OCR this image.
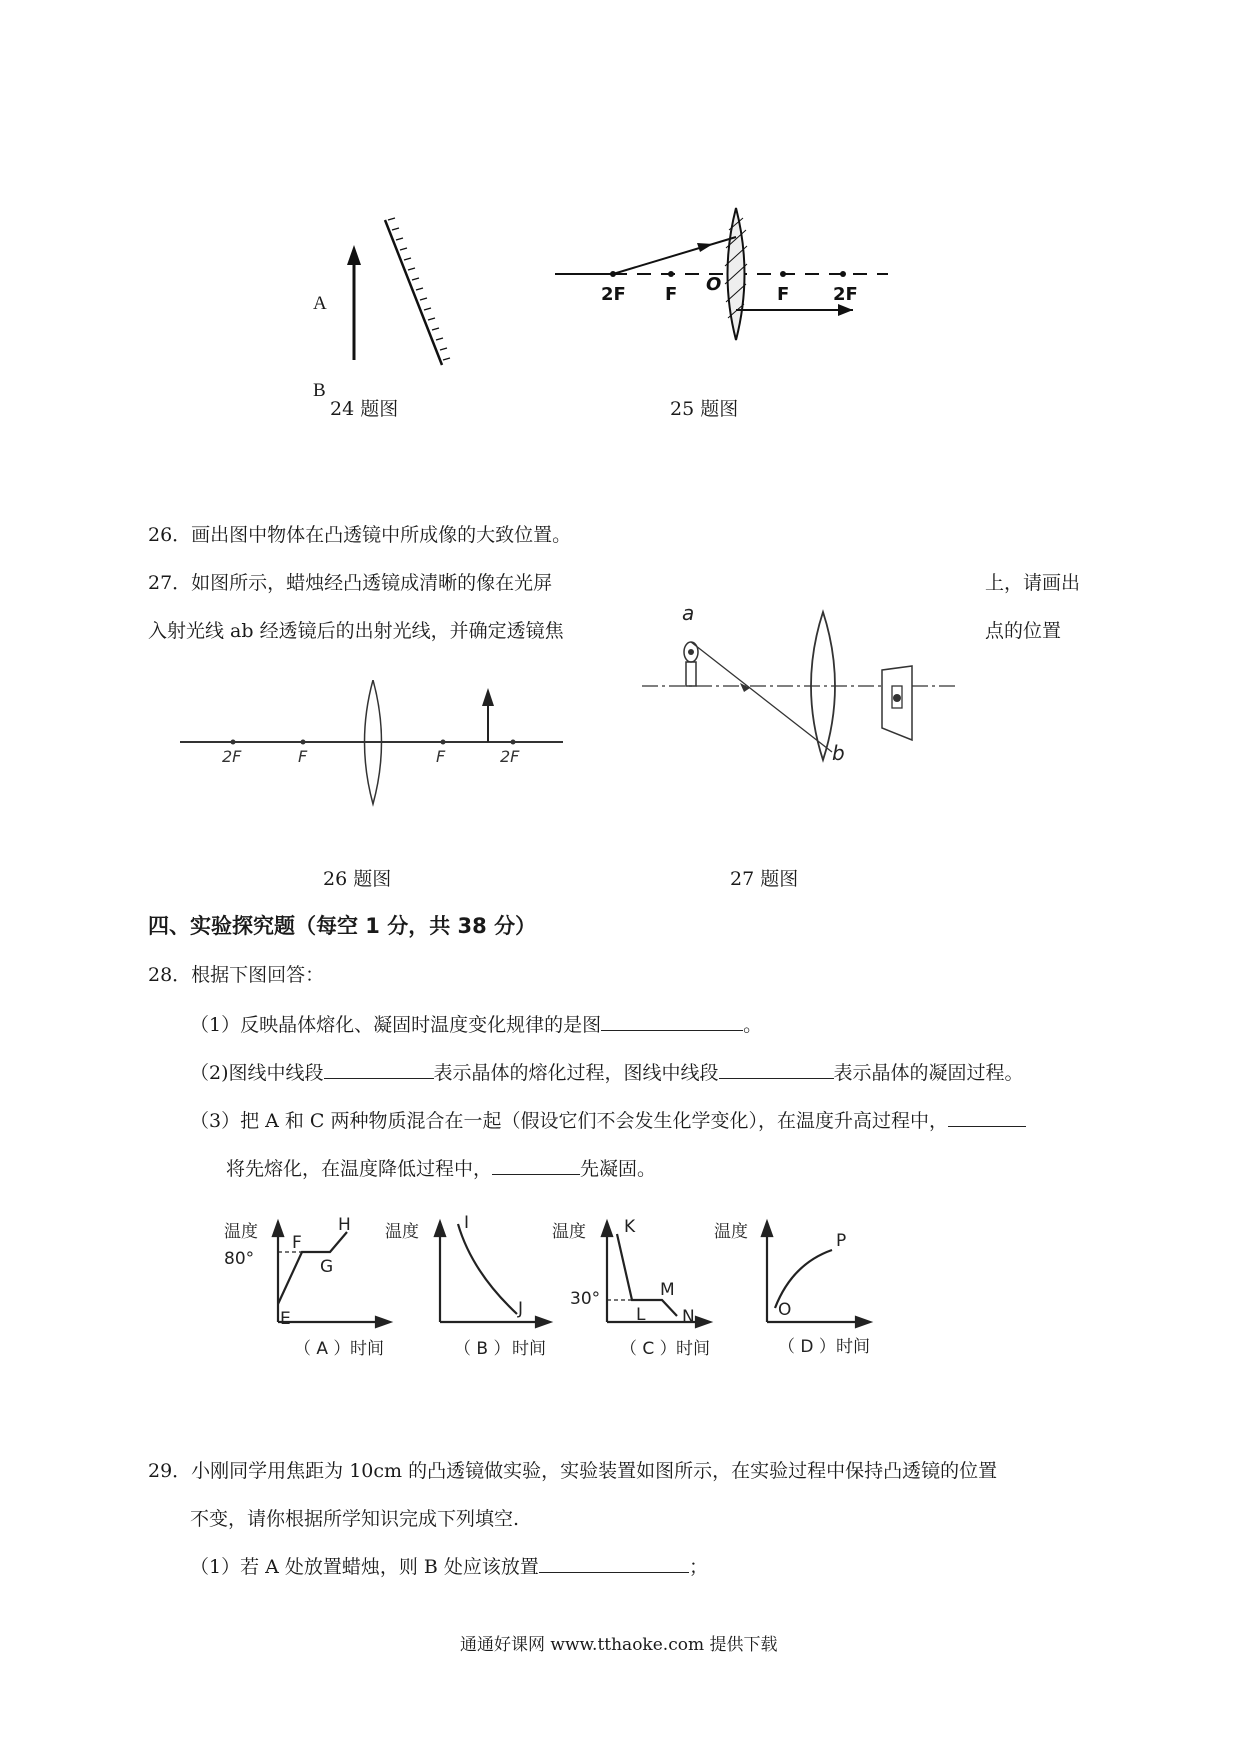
A
B
24 题图
2F F O	F 2F
25 题图
26．画出图中物体在凸透镜中所成像的大致位置。
27．如图所示，蜡烛经凸透镜成清晰的像在光屏	上，请画出
入射光线 ab 经透镜后的出射光线，并确定透镜焦	点的位置
2F	F	F	2F
26 题图
a
b
27 题图
四、实验探究题（每空 1 分，共 38 分）
28．根据下图回答：
（1）反映晶体熔化、凝固时温度变化规律的是图	。
（2)图线中线段	表示晶体的熔化过程，图线中线段	表示晶体的凝固过程。
（3）把 A 和 C 两种物质混合在一起（假设它们不会发生化学变化），在温度升高过程中，
将先熔化，在温度降低过程中，	先凝固。
温度
80°
E
F
G
H
（ A ） 时间
温度	I
J
（ B ） 时间
温度
30°
K
L
M
N
（ C ） 时间
温度
O
P
（ D ） 时间
29．小刚同学用焦距为 10cm 的凸透镜做实验，实验装置如图所示，在实验过程中保持凸透镜的位置
不变，请你根据所学知识完成下列填空.
（1）若 A 处放置蜡烛，则 B 处应该放置	；
通通好课网 www.tthaoke.com 提供下载
